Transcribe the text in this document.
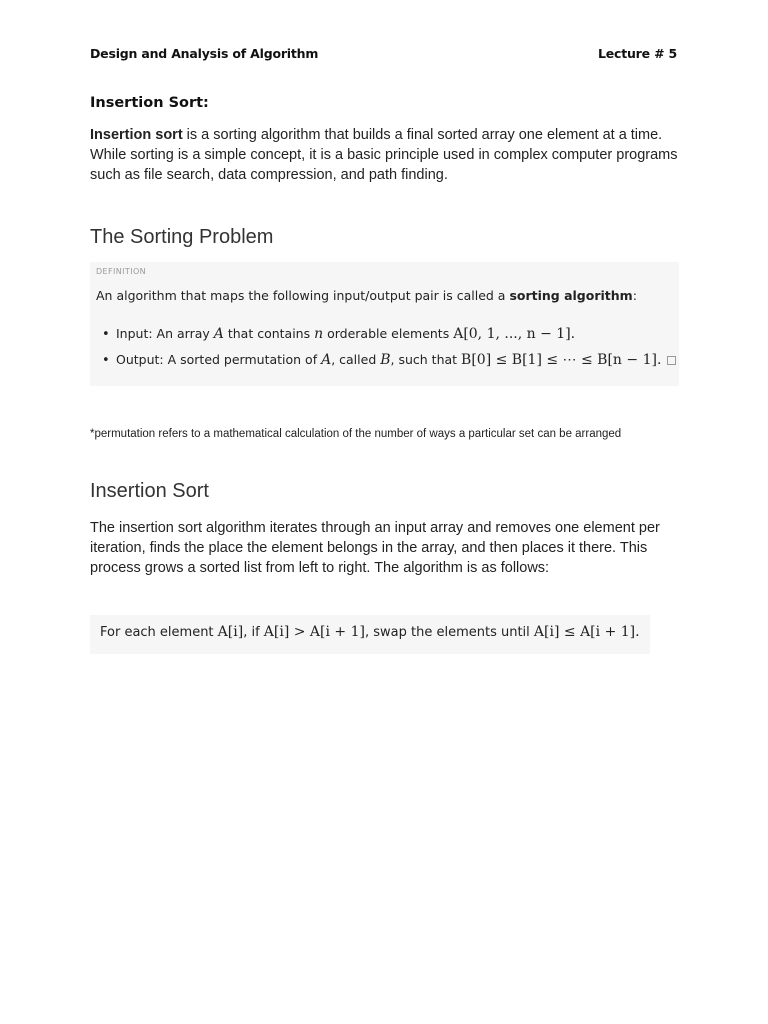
Design and Analysis of Algorithm	Lecture # 5
Insertion Sort:
Insertion sort is a sorting algorithm that builds a final sorted array one element at a time. While sorting is a simple concept, it is a basic principle used in complex computer programs such as file search, data compression, and path finding.
The Sorting Problem
DEFINITION
An algorithm that maps the following input/output pair is called a sorting algorithm:
• Input: An array A that contains n orderable elements A[0, 1, ..., n − 1].
• Output: A sorted permutation of A, called B, such that B[0] ≤ B[1] ≤ ⋯ ≤ B[n − 1].
*permutation refers to a mathematical calculation of the number of ways a particular set can be arranged
Insertion Sort
The insertion sort algorithm iterates through an input array and removes one element per iteration, finds the place the element belongs in the array, and then places it there. This process grows a sorted list from left to right. The algorithm is as follows:
For each element A[i], if A[i] > A[i + 1], swap the elements until A[i] ≤ A[i + 1].
